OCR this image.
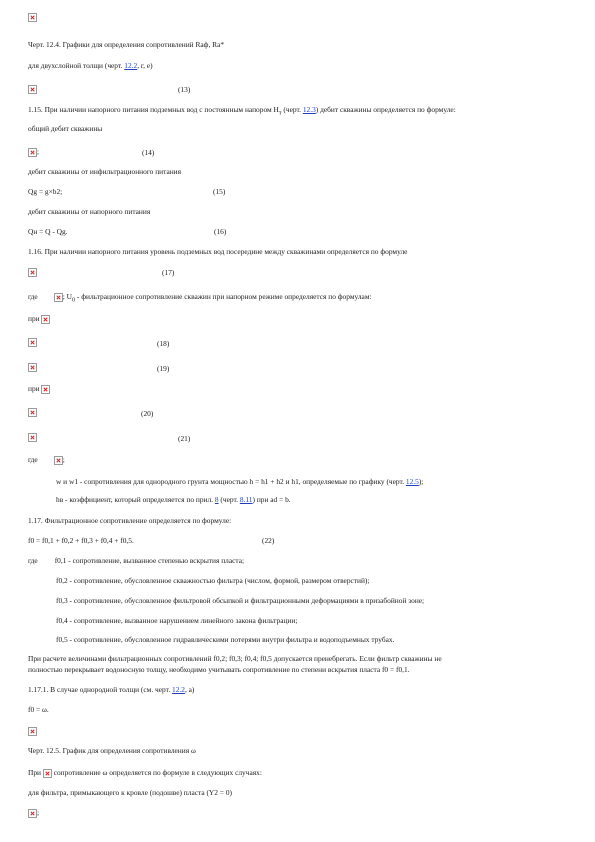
Черт. 12.4. Графики для определения сопротивлений Rаф, Rа*
для двухслойной толщи (черт. 12.2, г, е)
(13)
1.15. При наличии напорного питания подземных вод с постоянным напором $Н_т$ (черт. 12.3) дебит скважины определяется по формуле:
общий дебит скважины
;	(14)
дебит скважины от инфильтрационного питания
Qg = g×b2;	(15)
дебит скважины от напорного питания
Qн = Q - Qg.	(16)
1.16. При наличии напорного питания уровень подземных вод посередине между скважинами определяется по формуле
(17)
где	; $U_0$ - фильтрационное сопротивление скважин при напорном режиме определяется по формулам:
при
(18)
(19)
при
(20)
(21)
где	;
w и w1 - сопротивления для однородного грунта мощностью h = h1 + h2 и h1, определяемые по графику (черт. 12.5);
hв - коэффициент, который определяется по прил. 8 (черт. 8.11) при аd = b.
1.17. Фильтрационное сопротивление определяется по формуле:
f0 = f0,1 + f0,2 + f0,3 + f0,4 + f0,5.	(22)
где f0,1 - сопротивление, вызванное степенью вскрытия пласта;
f0,2 - сопротивление, обусловленное скважностью фильтра (числом, формой, размером отверстий);
f0,3 - сопротивление, обусловленное фильтровой обсыпкой и фильтрационными деформациями в призабойной зоне;
f0,4 - сопротивление, вызванное нарушением линейного закона фильтрации;
f0,5 - сопротивление, обусловленное гидравлическими потерями внутри фильтра и водоподъемных трубах.
При расчете величинами фильтрационных сопротивлений f0,2; f0,3; f0,4; f0,5 допускается пренебрегать. Если фильтр скважины не
полностью перекрывает водоносную толщу, необходимо учитывать сопротивление по степени вскрытия пласта f0 = f0,1.
1.17.1. В случае однородной толщи (см. черт. 12.2, а)
f0 = ω.
Черт. 12.5. График для определения сопротивления ω
При  сопротивление ω определяется по формуле в следующих случаях:
для фильтра, примыкающего к кровле (подошве) пласта (Y2 = 0)
;
